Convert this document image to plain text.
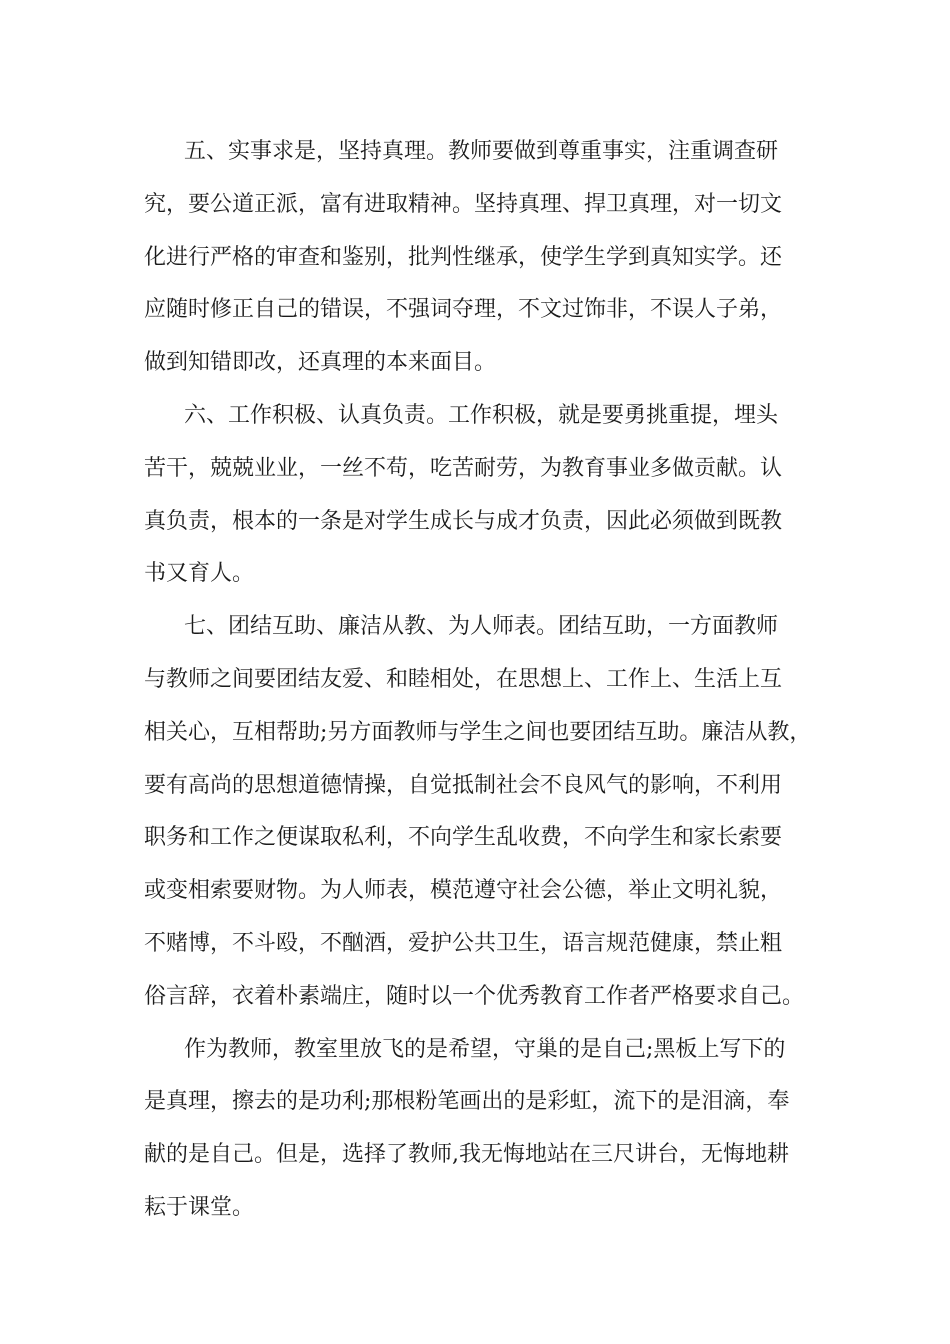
五、实事求是，坚持真理。教师要做到尊重事实，注重调查研
究，要公道正派，富有进取精神。坚持真理、捍卫真理，对一切文
化进行严格的审查和鉴别，批判性继承，使学生学到真知实学。还
应随时修正自己的错误，不强词夺理，不文过饰非，不误人子弟，
做到知错即改，还真理的本来面目。
六、工作积极、认真负责。工作积极，就是要勇挑重提，埋头
苦干，兢兢业业，一丝不苟，吃苦耐劳，为教育事业多做贡献。认
真负责，根本的一条是对学生成长与成才负责，因此必须做到既教
书又育人。
七、团结互助、廉洁从教、为人师表。团结互助，一方面教师
与教师之间要团结友爱、和睦相处，在思想上、工作上、生活上互
相关心，互相帮助;另方面教师与学生之间也要团结互助。廉洁从教，
要有高尚的思想道德情操，自觉抵制社会不良风气的影响，不利用
职务和工作之便谋取私利，不向学生乱收费，不向学生和家长索要
或变相索要财物。为人师表，模范遵守社会公德，举止文明礼貌，
不赌博，不斗殴，不酗酒，爱护公共卫生，语言规范健康，禁止粗
俗言辞，衣着朴素端庄，随时以一个优秀教育工作者严格要求自己。
作为教师，教室里放飞的是希望，守巢的是自己;黑板上写下的
是真理，擦去的是功利;那根粉笔画出的是彩虹，流下的是泪滴，奉
献的是自己。但是，选择了教师,我无悔地站在三尺讲台，无悔地耕
耘于课堂。
